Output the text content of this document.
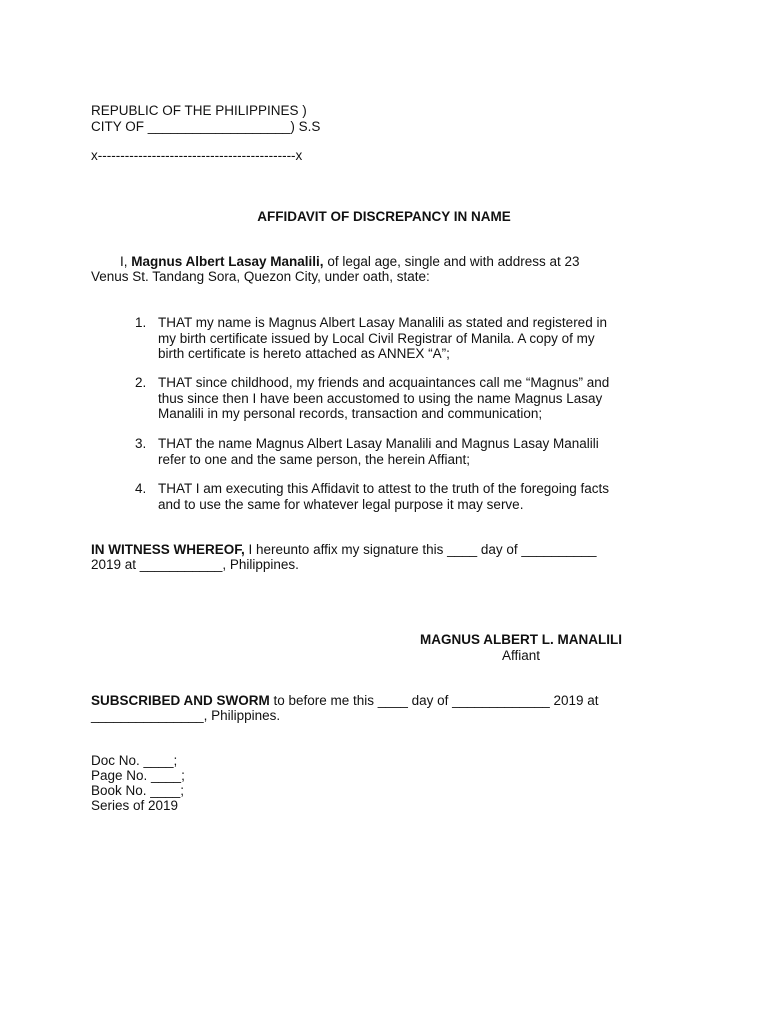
REPUBLIC OF THE PHILIPPINES )
CITY OF ___________________) S.S
x--------------------------------------------x
AFFIDAVIT OF DISCREPANCY IN NAME
I, Magnus Albert Lasay Manalili, of legal age, single and with address at 23
Venus St. Tandang Sora, Quezon City, under oath, state:
1. THAT my name is Magnus Albert Lasay Manalili as stated and registered in
my birth certificate issued by Local Civil Registrar of Manila. A copy of my
birth certificate is hereto attached as ANNEX “A”;
2. THAT since childhood, my friends and acquaintances call me “Magnus” and
thus since then I have been accustomed to using the name Magnus Lasay
Manalili in my personal records, transaction and communication;
3. THAT the name Magnus Albert Lasay Manalili and Magnus Lasay Manalili
refer to one and the same person, the herein Affiant;
4. THAT I am executing this Affidavit to attest to the truth of the foregoing facts
and to use the same for whatever legal purpose it may serve.
IN WITNESS WHEREOF, I hereunto affix my signature this ____ day of __________
2019 at ___________, Philippines.
MAGNUS ALBERT L. MANALILI
Affiant
SUBSCRIBED AND SWORM to before me this ____ day of _____________ 2019 at
_______________, Philippines.
Doc No. ____;
Page No. ____;
Book No. ____;
Series of 2019
